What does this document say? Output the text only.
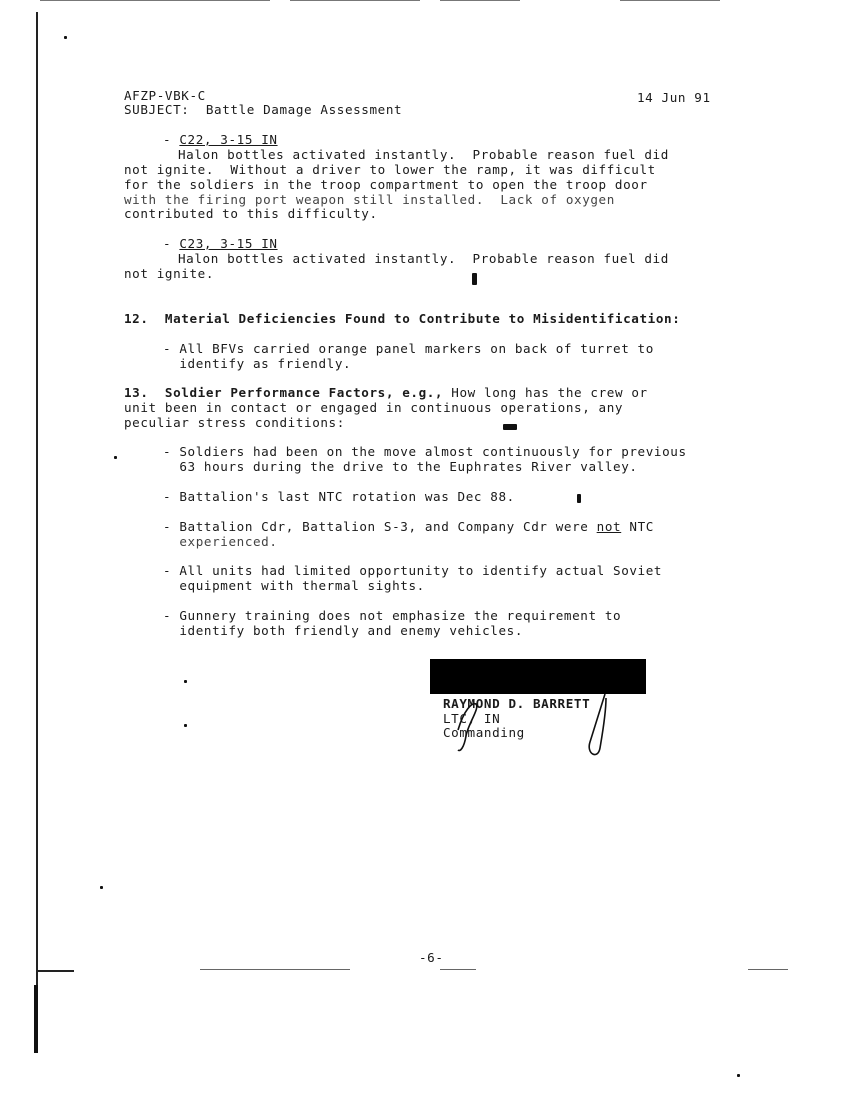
AFZP-VBK-C	14 Jun 91
SUBJECT: Battle Damage Assessment
- C22, 3-15 IN
Halon bottles activated instantly.  Probable reason fuel did
not ignite.  Without a driver to lower the ramp, it was difficult
for the soldiers in the troop compartment to open the troop door
with the firing port weapon still installed.  Lack of oxygen
contributed to this difficulty.
- C23, 3-15 IN
Halon bottles activated instantly.  Probable reason fuel did
not ignite.
12. Material Deficiencies Found to Contribute to Misidentification:
- All BFVs carried orange panel markers on back of turret to
identify as friendly.
13. Soldier Performance Factors, e.g., How long has the crew or
unit been in contact or engaged in continuous operations, any
peculiar stress conditions:
- Soldiers had been on the move almost continuously for previous
63 hours during the drive to the Euphrates River valley.
- Battalion's last NTC rotation was Dec 88.
- Battalion Cdr, Battalion S-3, and Company Cdr were not NTC
experienced.
- All units had limited opportunity to identify actual Soviet
equipment with thermal sights.
- Gunnery training does not emphasize the requirement to
identify both friendly and enemy vehicles.
RAYMOND D. BARRETT
LTC, IN
Commanding
-6-
